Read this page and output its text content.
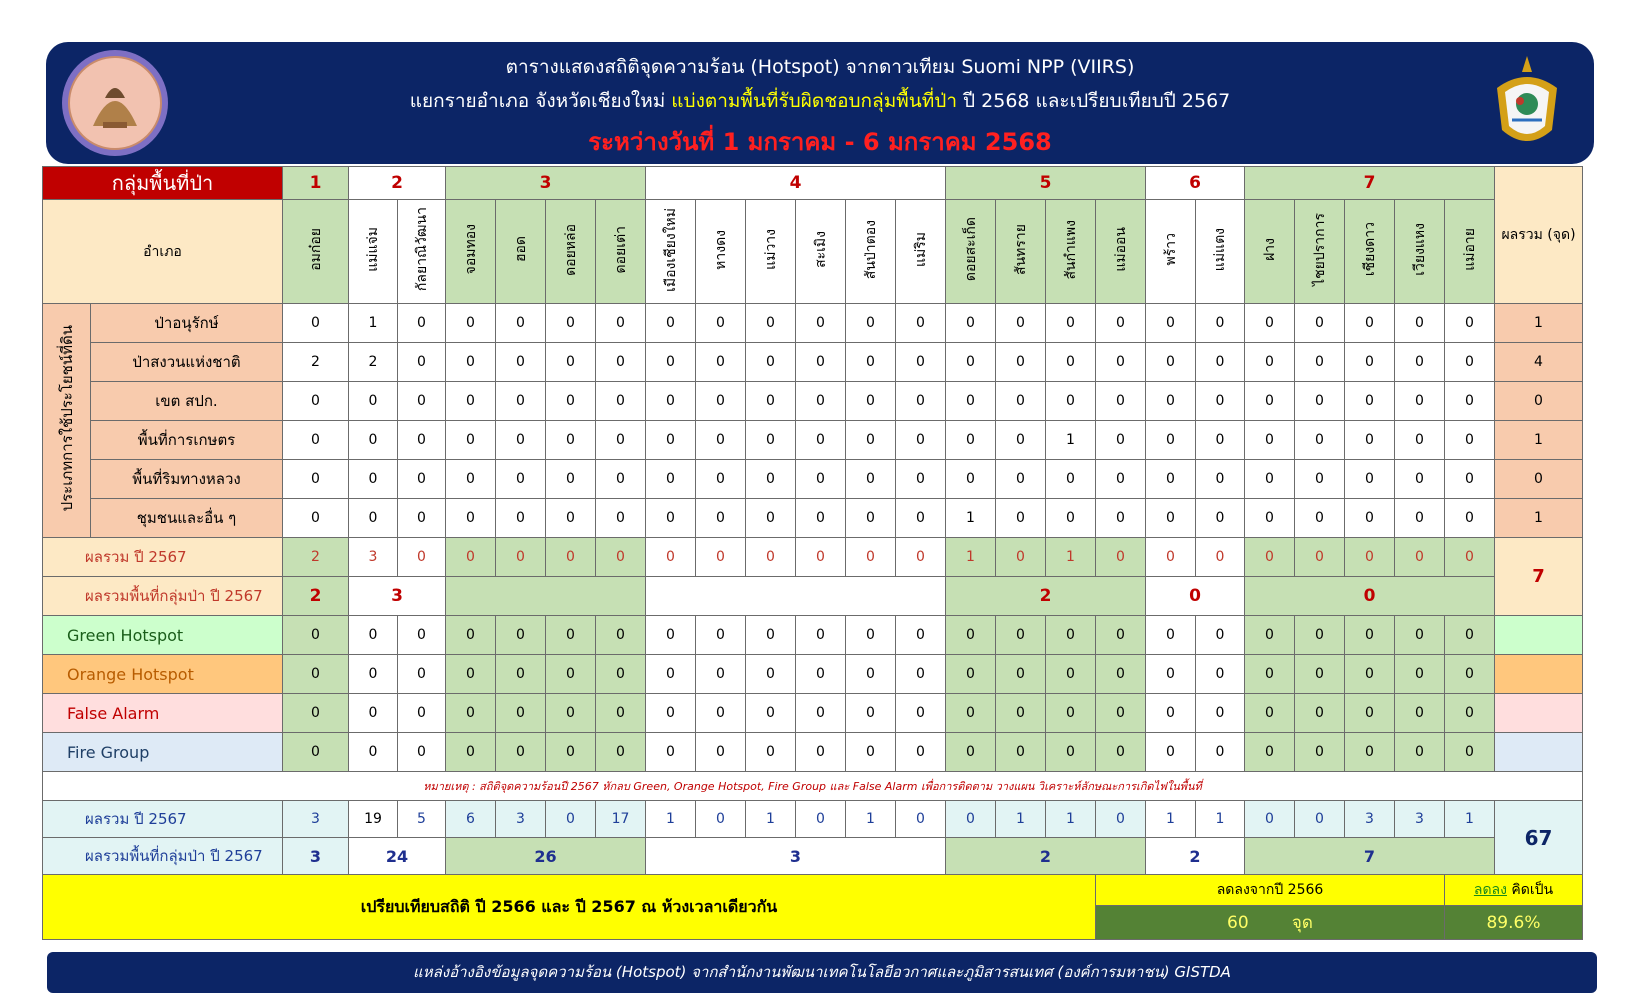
ตารางแสดงสถิติจุดความร้อน (Hotspot) จากดาวเทียม Suomi NPP (VIIRS)
แยกรายอำเภอ จังหวัดเชียงใหม่ แบ่งตามพื้นที่รับผิดชอบกลุ่มพื้นที่ป่า ปี 2568 และเปรียบเทียบปี 2567
ระหว่างวันที่ 1 มกราคม - 6 มกราคม 2568
กลุ่มพื้นที่ป่า		1	2		3				4						5				6		7					ผลรวม (จุด)

อำเภอ		อมก๋อย	แม่แจ่ม	กัลยาณิวัฒนา	จอมทอง	ฮอด	ดอยหล่อ	ดอยเต่า	เมืองเชียงใหม่	หางดง	แม่วาง	สะเมิง	สันป่าตอง	แม่ริม	ดอยสะเก็ด	สันทราย	สันกำแพง	แม่ออน	พร้าว	แม่แตง	ฝาง	ไชยปราการ	เชียงดาว	เวียงแหง	แม่อาย	
ประเภทการใช้ประโยชน์ที่ดิน	ป่าอนุรักษ์	0	1	0	0	0	0	0	0	0	0	0	0	0	0	0	0	0	0	0	0	0	0	0	0	1
	ป่าสงวนแห่งชาติ	2	2	0	0	0	0	0	0	0	0	0	0	0	0	0	0	0	0	0	0	0	0	0	0	4
	เขต สปก.	0	0	0	0	0	0	0	0	0	0	0	0	0	0	0	0	0	0	0	0	0	0	0	0	0
	พื้นที่การเกษตร	0	0	0	0	0	0	0	0	0	0	0	0	0	0	0	1	0	0	0	0	0	0	0	0	1
	พื้นที่ริมทางหลวง	0	0	0	0	0	0	0	0	0	0	0	0	0	0	0	0	0	0	0	0	0	0	0	0	0
	ชุมชนและอื่น ๆ	0	0	0	0	0	0	0	0	0	0	0	0	0	1	0	0	0	0	0	0	0	0	0	0	1
ผลรวม ปี 2567		2	3	0	0	0	0	0	0	0	0	0	0	0	1	0	1	0	0	0	0	0	0	0	0	7
ผลรวมพื้นที่กลุ่มป่า ปี 2567		2	3												2				0		0					
Green Hotspot		0	0	0	0	0	0	0	0	0	0	0	0	0	0	0	0	0	0	0	0	0	0	0	0	
Orange Hotspot		0	0	0	0	0	0	0	0	0	0	0	0	0	0	0	0	0	0	0	0	0	0	0	0	
False Alarm		0	0	0	0	0	0	0	0	0	0	0	0	0	0	0	0	0	0	0	0	0	0	0	0	
Fire Group		0	0	0	0	0	0	0	0	0	0	0	0	0	0	0	0	0	0	0	0	0	0	0	0	
หมายเหตุ : สถิติจุดความร้อนปี 2567 หักลบ Green, Orange Hotspot, Fire Group และ False Alarm เพื่อการติดตาม วางแผน วิเคราะห์ลักษณะการเกิดไฟในพื้นที่																										
ผลรวม ปี 2567		3	19	5	6	3	0	17	1	0	1	0	1	0	0	1	1	0	1	1	0	0	3	3	1	67
ผลรวมพื้นที่กลุ่มป่า ปี 2567		3	24		26				3						2				2		7					
เปรียบเทียบสถิติ ปี 2566 และ ปี 2567 ณ ห้วงเวลาเดียวกัน																		ลดลงจากปี 2566							ลดลง คิดเป็น	
																		60 จุด							89.6%	
แหล่งอ้างอิงข้อมูลจุดความร้อน (Hotspot) จากสำนักงานพัฒนาเทคโนโลยีอวกาศและภูมิสารสนเทศ (องค์การมหาชน) GISTDA
